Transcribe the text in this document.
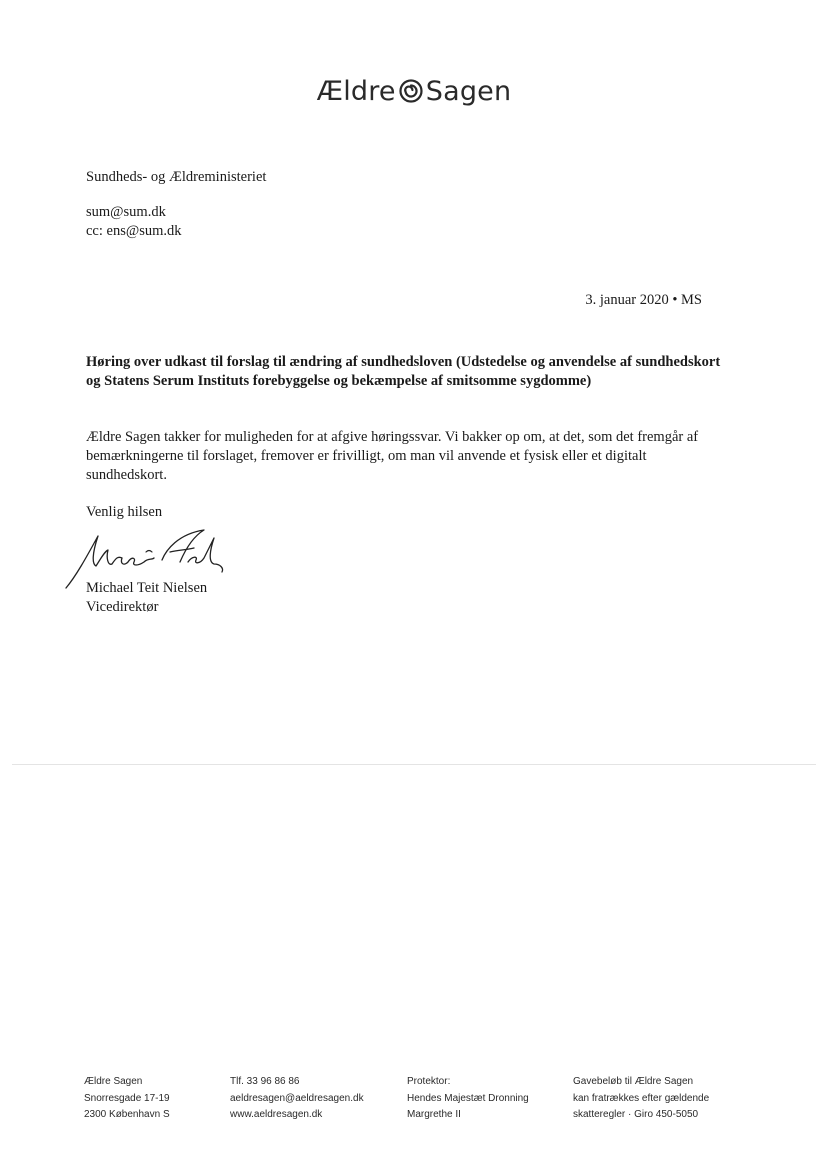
Ældre Sagen
Sundheds- og Ældreministeriet
sum@sum.dk
cc: ens@sum.dk
3. januar 2020 • MS
Høring over udkast til forslag til ændring af sundhedsloven (Udstedelse og anvendelse af sundhedskort og Statens Serum Instituts forebyggelse og bekæmpelse af smitsomme sygdomme)
Ældre Sagen takker for muligheden for at afgive høringssvar. Vi bakker op om, at det, som det fremgår af bemærkningerne til forslaget, fremover er frivilligt, om man vil anvende et fysisk eller et digitalt sundhedskort.
Venlig hilsen
Michael Teit Nielsen
Vicedirektør
Ældre Sagen
Snorresgade 17-19
2300 København S
Tlf. 33 96 86 86
aeldresagen@aeldresagen.dk
www.aeldresagen.dk
Protektor:
Hendes Majestæt Dronning
Margrethe II
Gavebeløb til Ældre Sagen
kan fratrækkes efter gældende
skatteregler · Giro 450-5050
